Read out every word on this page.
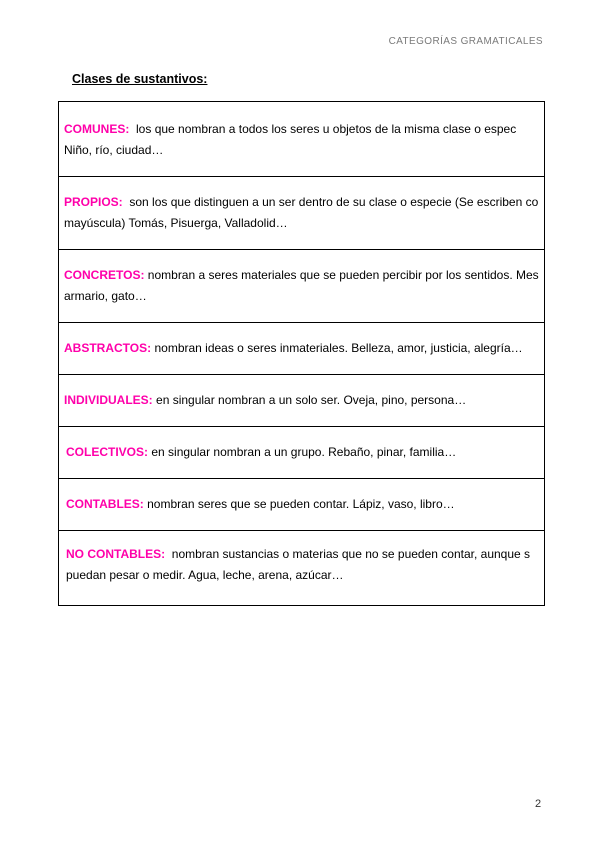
CATEGORÍAS GRAMATICALES
Clases de sustantivos:
COMUNES: los que nombran a todos los seres u objetos de la misma clase o espec
Niño, río, ciudad…
PROPIOS: son los que distinguen a un ser dentro de su clase o especie (Se escriben co
mayúscula) Tomás, Pisuerga, Valladolid…
CONCRETOS: nombran a seres materiales que se pueden percibir por los sentidos. Mes
armario, gato…
ABSTRACTOS: nombran ideas o seres inmateriales. Belleza, amor, justicia, alegría…
INDIVIDUALES: en singular nombran a un solo ser. Oveja, pino, persona…
COLECTIVOS: en singular nombran a un grupo. Rebaño, pinar, familia…
CONTABLES: nombran seres que se pueden contar. Lápiz, vaso, libro…
NO CONTABLES: nombran sustancias o materias que no se pueden contar, aunque s
puedan pesar o medir. Agua, leche, arena, azúcar…
2
